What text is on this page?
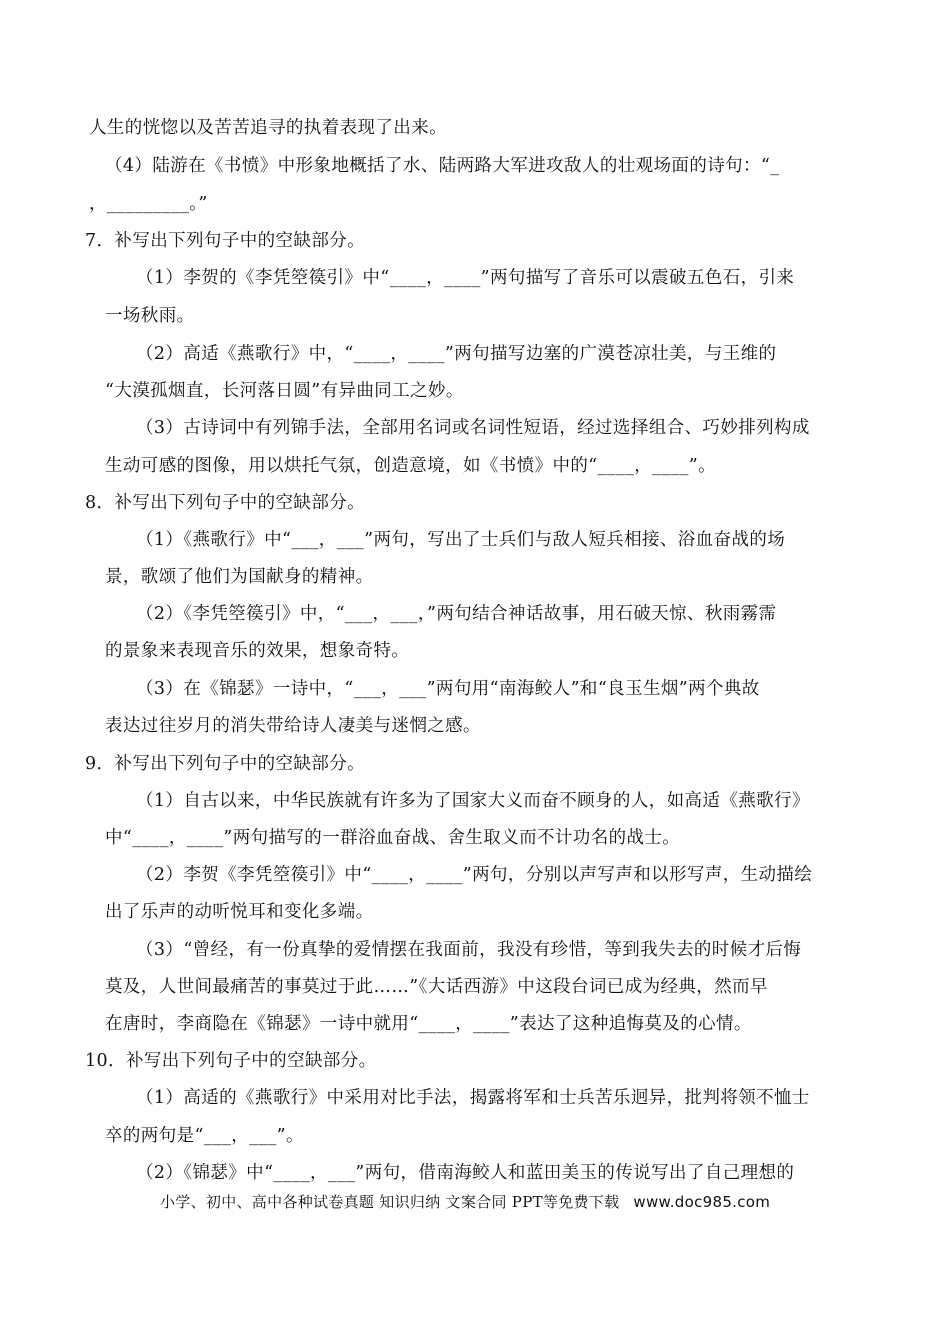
人生的恍惚以及苦苦追寻的执着表现了出来。
（4）陆游在《书愤》中形象地概括了水、陆两路大军进攻敌人的壮观场面的诗句：“_
，_________。”
7．补写出下列句子中的空缺部分。
（1）李贺的《李凭箜篌引》中“____，____”两句描写了音乐可以震破五色石，引来
一场秋雨。
（2）高适《燕歌行》中，“____，____”两句描写边塞的广漠苍凉壮美，与王维的
“大漠孤烟直，长河落日圆”有异曲同工之妙。
（3）古诗词中有列锦手法，全部用名词或名词性短语，经过选择组合、巧妙排列构成
生动可感的图像，用以烘托气氛，创造意境，如《书愤》中的“____，____”。
8．补写出下列句子中的空缺部分。
（1）《燕歌行》中“___，___”两句，写出了士兵们与敌人短兵相接、浴血奋战的场
景，歌颂了他们为国献身的精神。
（2）《李凭箜篌引》中，“___，___，”两句结合神话故事，用石破天惊、秋雨霧霈
的景象来表现音乐的效果，想象奇特。
（3）在《锦瑟》一诗中，“___，___”两句用“南海鲛人”和“良玉生烟”两个典故
表达过往岁月的消失带给诗人凄美与迷惘之感。
9．补写出下列句子中的空缺部分。
（1）自古以来，中华民族就有许多为了国家大义而奋不顾身的人，如高适《燕歌行》
中“____，____”两句描写的一群浴血奋战、舍生取义而不计功名的战士。
（2）李贺《李凭箜篌引》中“____，____”两句，分别以声写声和以形写声，生动描绘
出了乐声的动听悦耳和变化多端。
（3）“曾经，有一份真挚的爱情摆在我面前，我没有珍惜，等到我失去的时候才后悔
莫及，人世间最痛苦的事莫过于此……”《大话西游》中这段台词已成为经典，然而早
在唐时，李商隐在《锦瑟》一诗中就用“____，____”表达了这种追悔莫及的心情。
10．补写出下列句子中的空缺部分。
（1）高适的《燕歌行》中采用对比手法，揭露将军和士兵苦乐迥异，批判将领不恤士
卒的两句是“___，___”。
（2）《锦瑟》中“____，___”两句，借南海鲛人和蓝田美玉的传说写出了自己理想的
小学、初中、高中各种试卷真题 知识归纳 文案合同 PPT等免费下载 www.doc985.com
